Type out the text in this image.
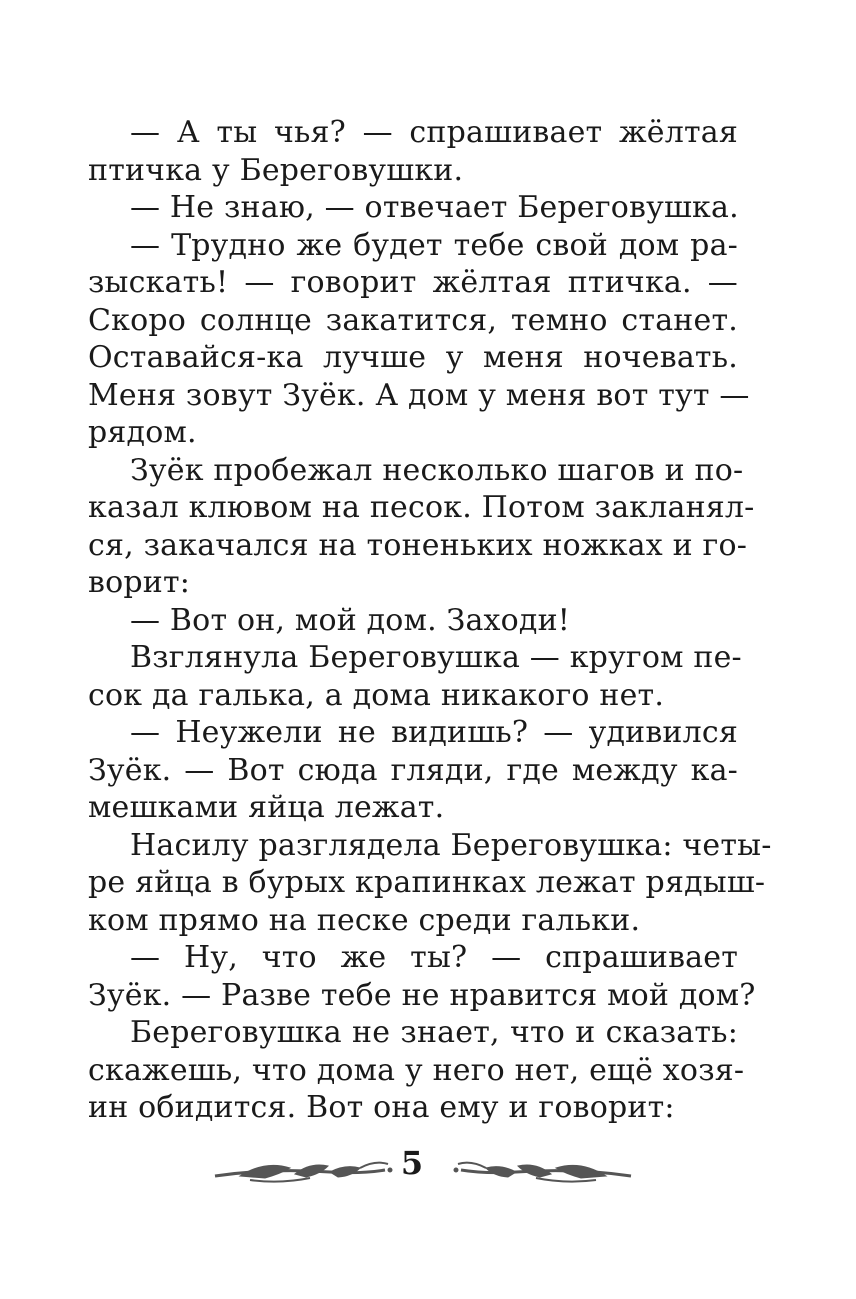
— А ты чья? — спрашивает жёлтая
птичка у Береговушки.
— Не знаю, — отвечает Береговушка.
— Трудно же будет тебе свой дом ра-
зыскать! — говорит жёлтая птичка. —
Скоро солнце закатится, темно станет.
Оставайся-ка лучше у меня ночевать.
Меня зовут Зуёк. А дом у меня вот тут —
рядом.
Зуёк пробежал несколько шагов и по-
казал клювом на песок. Потом закланял-
ся, закачался на тоненьких ножках и го-
ворит:
— Вот он, мой дом. Заходи!
Взглянула Береговушка — кругом пе-
сок да галька, а дома никакого нет.
— Неужели не видишь? — удивился
Зуёк. — Вот сюда гляди, где между ка-
мешками яйца лежат.
Насилу разглядела Береговушка: четы-
ре яйца в бурых крапинках лежат рядыш-
ком прямо на песке среди гальки.
— Ну, что же ты? — спрашивает
Зуёк. — Разве тебе не нравится мой дом?
Береговушка не знает, что и сказать:
скажешь, что дома у него нет, ещё хозя-
ин обидится. Вот она ему и говорит:
5
